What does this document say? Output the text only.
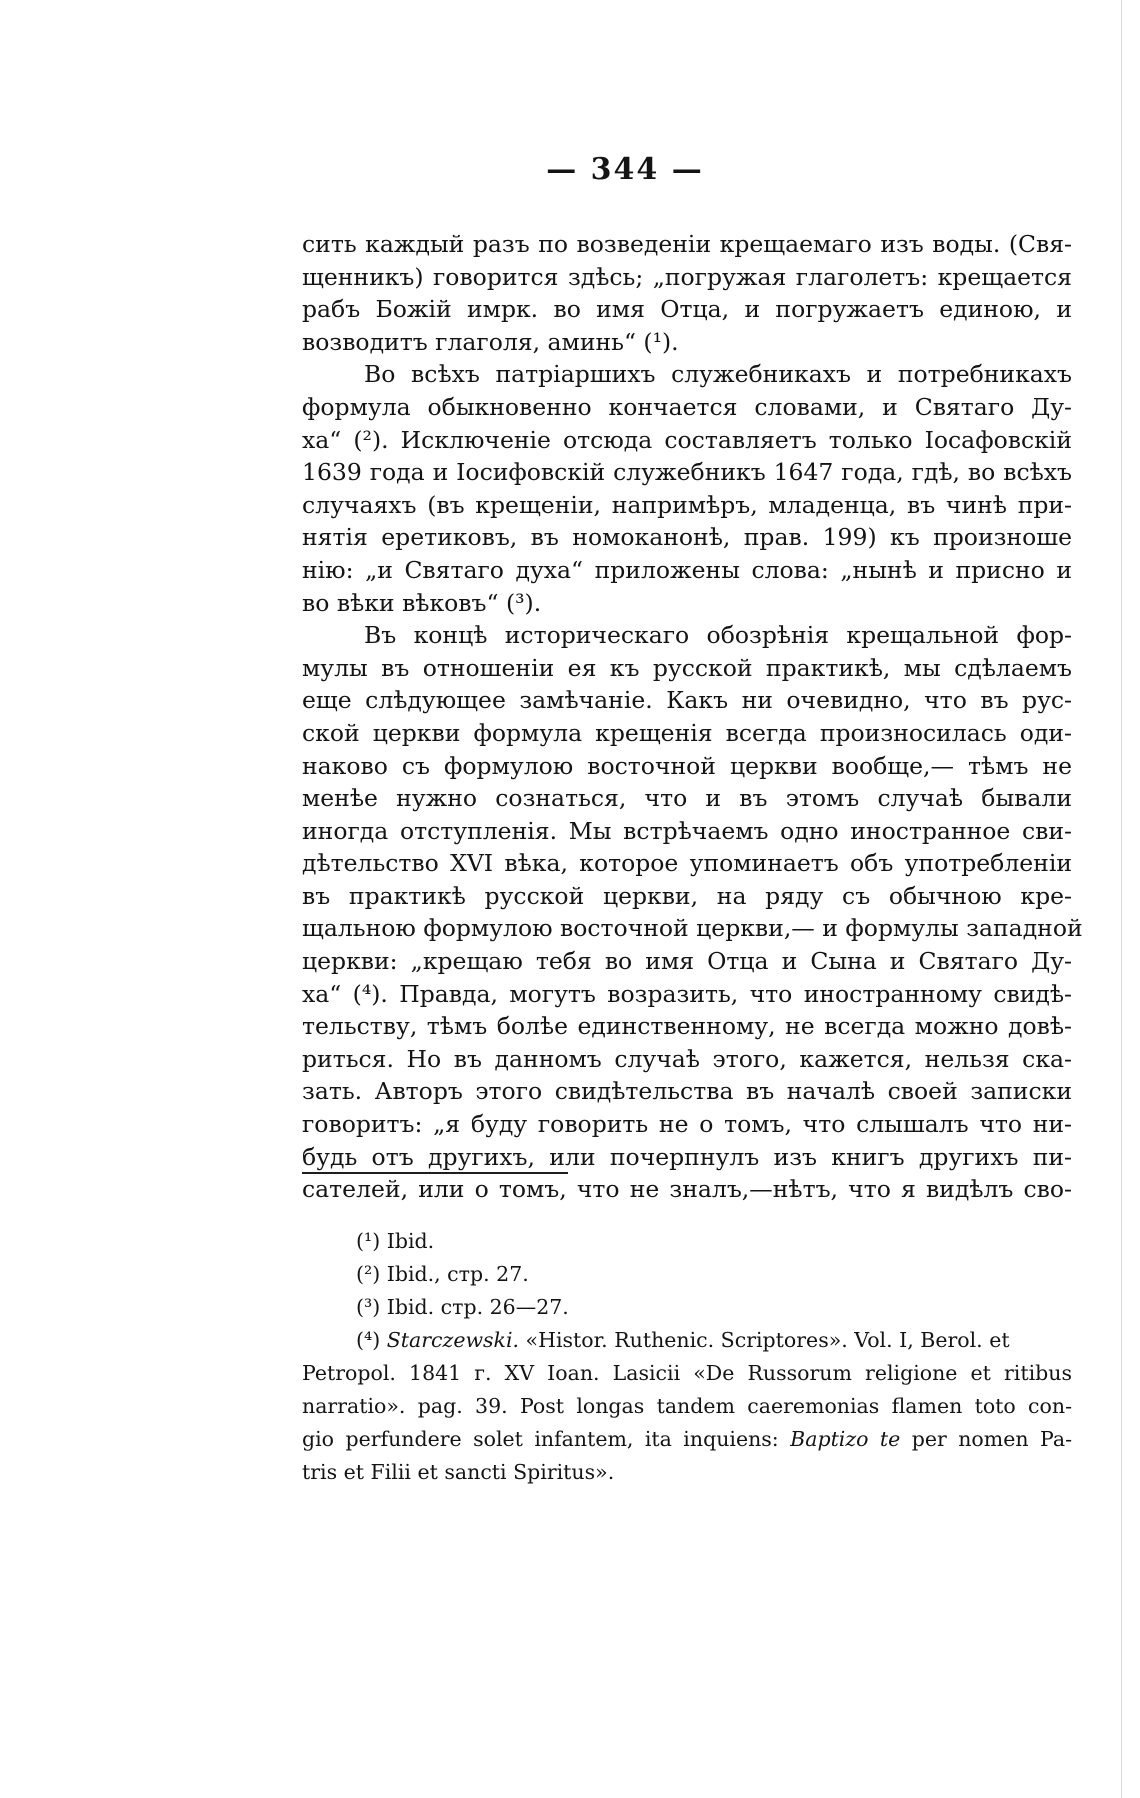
— 344 —
сить каждый разъ по возведеніи крещаемаго изъ воды. (Свя-
щенникъ) говорится здѣсь; „погружая глаголетъ: крещается
рабъ Божій имрк. во имя Отца, и погружаетъ единою, и
возводитъ глаголя, аминь“ (¹).
Во всѣхъ патріаршихъ служебникахъ и потребникахъ
формула обыкновенно кончается словами, и Святаго Ду-
ха“ (²). Исключеніе отсюда составляетъ только Іосафовскій
1639 года и Іосифовскій служебникъ 1647 года, гдѣ, во всѣхъ
случаяхъ (въ крещеніи, напримѣръ, младенца, въ чинѣ при-
нятія еретиковъ, въ номоканонѣ, прав. 199) къ произноше
нію: „и Святаго духа“ приложены слова: „нынѣ и присно и
во вѣки вѣковъ“ (³).
Въ концѣ историческаго обозрѣнія крещальной фор-
мулы въ отношеніи ея къ русской практикѣ, мы сдѣлаемъ
еще слѣдующее замѣчаніе. Какъ ни очевидно, что въ рус-
ской церкви формула крещенія всегда произносилась оди-
наково съ формулою восточной церкви вообще,— тѣмъ не
менѣе нужно сознаться, что и въ этомъ случаѣ бывали
иногда отступленія. Мы встрѣчаемъ одно иностранное сви-
дѣтельство XVI вѣка, которое упоминаетъ объ употребленіи
въ практикѣ русской церкви, на ряду съ обычною кре-
щальною формулою восточной церкви,— и формулы западной
церкви: „крещаю тебя во имя Отца и Сына и Святаго Ду-
ха“ (⁴). Правда, могутъ возразить, что иностранному свидѣ-
тельству, тѣмъ болѣе единственному, не всегда можно довѣ-
риться. Но въ данномъ случаѣ этого, кажется, нельзя ска-
зать. Авторъ этого свидѣтельства въ началѣ своей записки
говоритъ: „я буду говорить не о томъ, что слышалъ что ни-
будь отъ другихъ, или почерпнулъ изъ книгъ другихъ пи-
сателей, или о томъ, что не зналъ,—нѣтъ, что я видѣлъ сво-
(¹) Ibid.
(²) Ibid., стр. 27.
(³) Ibid. стр. 26—27.
(⁴) Starczewski. «Histor. Ruthenic. Scriptores». Vol. I, Berol. et
Petropol. 1841 г. XV Ioan. Lasicii «De Russorum religione et ritibus
narratio». pag. 39. Post longas tandem caeremonias flamen toto con-
gio perfundere solet infantem, ita inquiens: Baptizo te per nomen Pa-
tris et Filii et sancti Spiritus».
